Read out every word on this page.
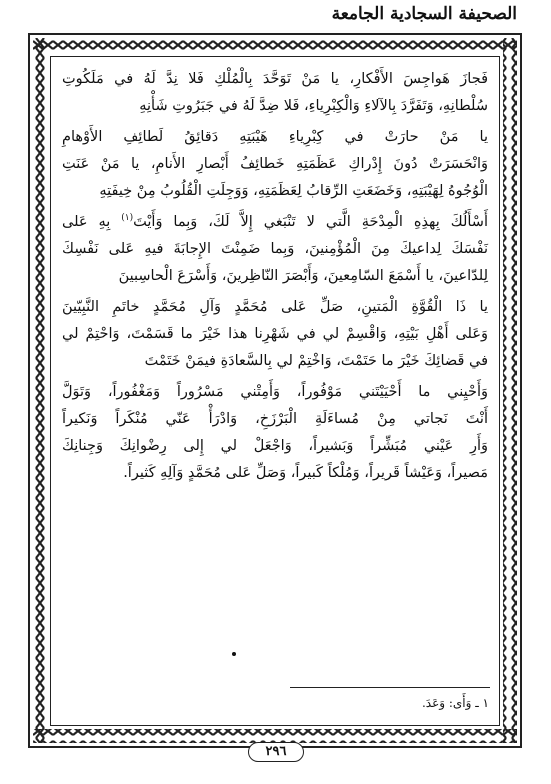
الصحيفة السجادية الجامعة

فَجازَ هَواجِسَ الأَفْكارِ، يا مَنْ تَوَحَّدَ بِالْمُلْكِ فَلا نِدَّ لَهُ في مَلَكُوتِ

سُلْطانِهِ، وَتَفَرَّدَ بِالآلاءِ وَالْكِبْرِياءِ، فَلا ضِدَّ لَهُ في جَبَرُوتِ شَأْنِهِ

يا مَنْ حارَتْ في كِبْرِياءِ هَيْبَتِهِ دَقائِقُ لَطائِفِ الأَوْهامِ

وَانْحَسَرَتْ دُونَ إِدْراكِ عَظَمَتِهِ خَطائِفُ أَبْصارِ الأَنامِ، يا مَنْ عَنَتِ

الْوُجُوهُ لِهَيْبَتِهِ، وَخَضَعَتِ الرِّقابُ لِعَظَمَتِهِ، وَوَجِلَتِ الْقُلُوبُ مِنْ خِيفَتِهِ

أَسْأَلُكَ بِهذِهِ الْمِدْحَةِ الَّتي لا تَنْبَغي إِلاَّ لَكَ، وَبِما وَأَيْتَ$^{(١)}$ بِهِ عَلى

نَفْسَكَ لِداعيكَ مِنَ الْمُؤْمِنينَ، وَبِما ضَمِنْتَ الإِجابَةَ فيهِ عَلى نَفْسِكَ

لِلدّاعينَ، يا أَسْمَعَ السّامِعينَ، وَأَبْصَرَ النّاظِرينَ، وَأَسْرَعَ الْحاسِبينَ

يا ذَا الْقُوَّةِ الْمَتينِ، صَلِّ عَلى مُحَمَّدٍ وَآلِ مُحَمَّدٍ خاتَمِ النَّبِيّينَ

وَعَلى أَهْلِ بَيْتِهِ، وَاقْسِمْ لي في شَهْرِنا هذا خَيْرَ ما قَسَمْتَ، وَاحْتِمْ لي

في قَضائِكَ خَيْرَ ما حَتَمْتَ، وَاخْتِمْ لي بِالسَّعادَةِ فيمَنْ خَتَمْتَ

وَأَحْيِني ما أَحْيَيْتَني مَوْفُوراً، وَأَمِتْني مَسْرُوراً وَمَغْفُوراً، وَتَوَلَّ

أَنْتَ نَجاتي مِنْ مُساءَلَةِ الْبَرْزَخِ، وَادْرَأْ عَنّي مُنْكَراً وَنَكيراً

وَأَرِ عَيْني مُبَشِّراً وَبَشيراً، وَاجْعَلْ لي إِلى رِضْوانِكَ وَجِنانِكَ

مَصيراً، وَعَيْشاً قَريراً، وَمُلْكاً كَبيراً، وَصَلِّ عَلى مُحَمَّدٍ وَآلِهِ كَثيراً.

١ ـ وَأَى: وَعَدَ.
٢٩٦
